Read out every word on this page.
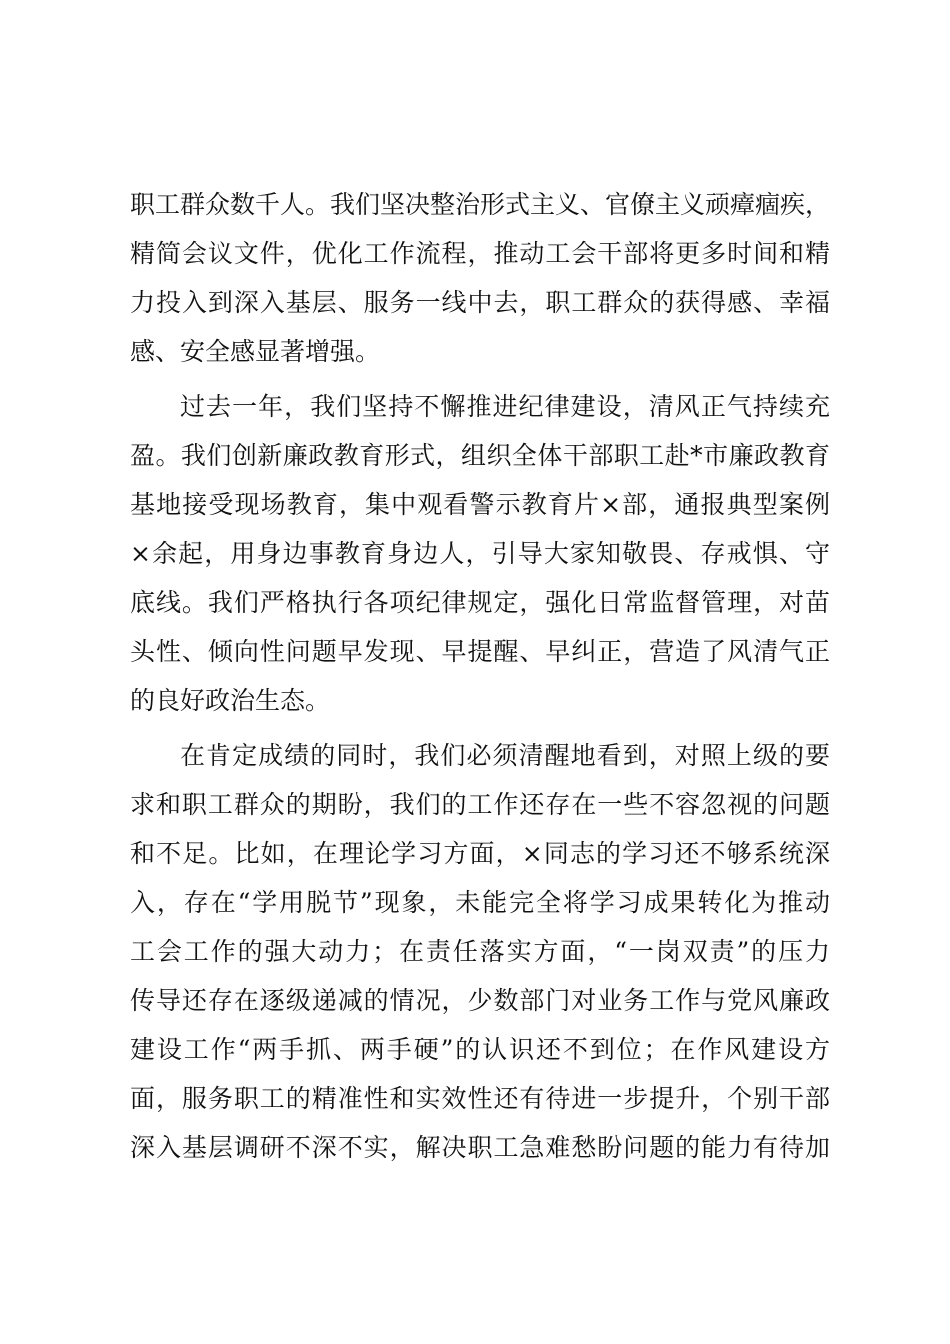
职工群众数千人。我们坚决整治形式主义、官僚主义顽瘴痼疾，
精简会议文件，优化工作流程，推动工会干部将更多时间和精
力投入到深入基层、服务一线中去，职工群众的获得感、幸福
感、安全感显著增强。
过去一年，我们坚持不懈推进纪律建设，清风正气持续充
盈。我们创新廉政教育形式，组织全体干部职工赴*市廉政教育
基地接受现场教育，集中观看警示教育片×部，通报典型案例
×余起，用身边事教育身边人，引导大家知敬畏、存戒惧、守
底线。我们严格执行各项纪律规定，强化日常监督管理，对苗
头性、倾向性问题早发现、早提醒、早纠正，营造了风清气正
的良好政治生态。
在肯定成绩的同时，我们必须清醒地看到，对照上级的要
求和职工群众的期盼，我们的工作还存在一些不容忽视的问题
和不足。比如，在理论学习方面，×同志的学习还不够系统深
入，存在“学用脱节”现象，未能完全将学习成果转化为推动
工会工作的强大动力；在责任落实方面，“一岗双责”的压力
传导还存在逐级递减的情况，少数部门对业务工作与党风廉政
建设工作“两手抓、两手硬”的认识还不到位；在作风建设方
面，服务职工的精准性和实效性还有待进一步提升，个别干部
深入基层调研不深不实，解决职工急难愁盼问题的能力有待加
